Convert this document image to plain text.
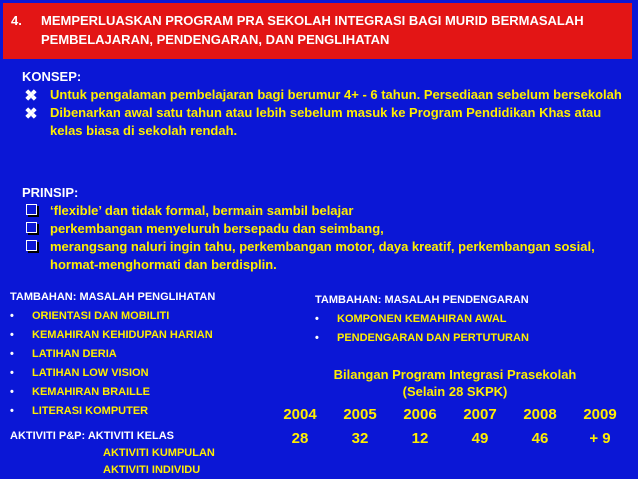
4.	MEMPERLUASKAN PROGRAM PRA SEKOLAH INTEGRASI BAGI MURID BERMASALAH
PEMBELAJARAN, PENDENGARAN, DAN PENGLIHATAN
KONSEP:
Untuk pengalaman pembelajaran bagi berumur 4+ - 6 tahun. Persediaan sebelum bersekolah
Dibenarkan awal satu tahun atau lebih sebelum masuk ke Program Pendidikan Khas atau kelas biasa di sekolah rendah.
PRINSIP:
‘flexible’ dan tidak formal, bermain sambil belajar
perkembangan menyeluruh bersepadu dan seimbang,
merangsang naluri ingin tahu, perkembangan motor, daya kreatif, perkembangan sosial, hormat-menghormati dan berdisplin.
TAMBAHAN: MASALAH PENGLIHATAN
•	ORIENTASI DAN MOBILITI
•	KEMAHIRAN KEHIDUPAN HARIAN
•	LATIHAN DERIA
•	LATIHAN LOW VISION
•	KEMAHIRAN BRAILLE
•	LITERASI KOMPUTER
TAMBAHAN: MASALAH PENDENGARAN
•	KOMPONEN KEMAHIRAN AWAL
•	PENDENGARAN DAN PERTUTURAN
Bilangan Program Integrasi Prasekolah
(Selain 28 SKPK)
2004	2005	2006	2007	2008	2009
28	32	12	49	46	+ 9
AKTIVITI P&P: AKTIVITI KELAS
AKTIVITI KUMPULAN
AKTIVITI INDIVIDU
